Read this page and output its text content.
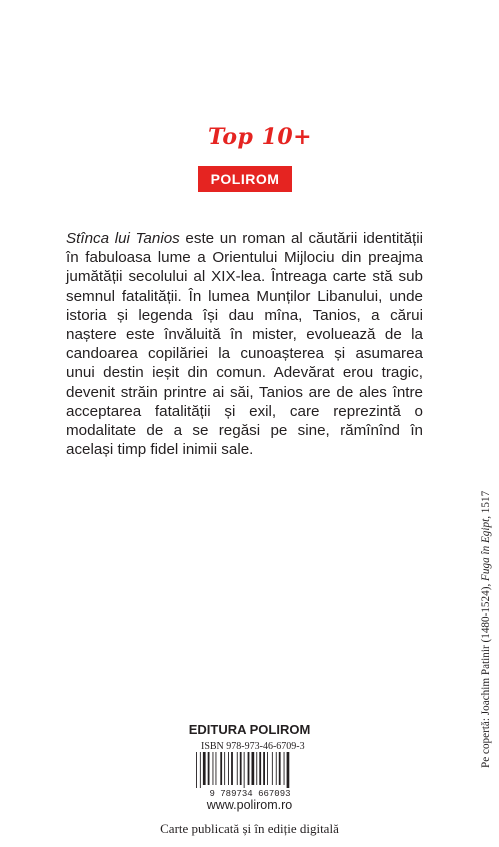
Top 10+
POLIROM

Stînca lui Tanios este un roman al căutării identității în fabuloasa lume a Orientului Mijlociu din preajma jumătății secolului al XIX-lea. Întreaga carte stă sub semnul fatalității. În lumea Munților Libanului, unde istoria și legenda își dau mîna, Tanios, a cărui naștere este învăluită în mister, evoluează de la candoarea copilăriei la cunoașterea și asumarea unui destin ieșit din comun. Adevărat erou tragic, devenit străin printre ai săi, Tanios are de ales între acceptarea fatalității și exil, care reprezintă o modalitate de a se regăsi pe sine, rămînînd în același timp fidel inimii sale.

Pe copertă: Joachim Patinir (1480-1524), Fuga în Egipt, 1517
EDITURA POLIROM
ISBN 978-973-46-6709-3
9 789734 667093
www.polirom.ro
Carte publicată și în ediție digitală
